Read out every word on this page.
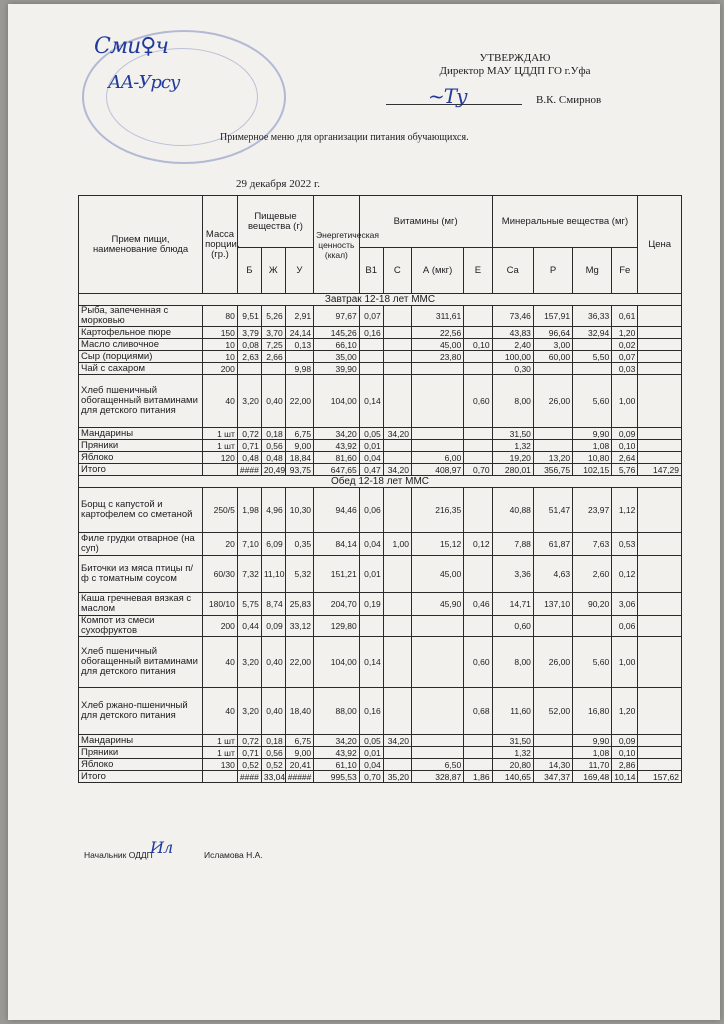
Сми♀ч
АА-Урсу
~Ту
УТВЕРЖДАЮ
Директор МАУ ЦДДП ГО г.Уфа
В.К. Смирнов
Примерное меню для организации питания обучающихся.
29 декабря 2022 г.
Прием пищи, наименование блюда	Масса порции, (гр.)	Пищевые вещества (г)			Энергетическая ценность (ккал)	Витамины (мг)				Минеральные вещества (мг)				Цена
		Б	Ж	У		В1	С	А (мкг)	Е	Са	Р	Mg	Fe	
Завтрак 12-18 лет ММС														
Рыба, запеченная с морковью	80	9,51	5,26	2,91	97,67	0,07		311,61		73,46	157,91	36,33	0,61	
Картофельное пюре	150	3,79	3,70	24,14	145,26	0,16		22,56		43,83	96,64	32,94	1,20	
Масло сливочное	10	0,08	7,25	0,13	66,10			45,00	0,10	2,40	3,00		0,02	
Сыр (порциями)	10	2,63	2,66		35,00			23,80		100,00	60,00	5,50	0,07	
Чай с сахаром	200			9,98	39,90					0,30			0,03	
Хлеб пшеничный обогащенный витаминами для детского питания	40	3,20	0,40	22,00	104,00	0,14			0,60	8,00	26,00	5,60	1,00	
Мандарины	1 шт	0,72	0,18	6,75	34,20	0,05	34,20			31,50		9,90	0,09	
Пряники	1 шт	0,71	0,56	9,00	43,92	0,01				1,32		1,08	0,10	
Яблоко	120	0,48	0,48	18,84	81,60	0,04		6,00		19,20	13,20	10,80	2,64	
Итого		####	20,49	93,75	647,65	0,47	34,20	408,97	0,70	280,01	356,75	102,15	5,76	147,29
Обед 12-18 лет ММС														
Борщ с капустой и картофелем со сметаной	250/5	1,98	4,96	10,30	94,46	0,06		216,35		40,88	51,47	23,97	1,12	
Филе грудки отварное (на суп)	20	7,10	6,09	0,35	84,14	0,04	1,00	15,12	0,12	7,88	61,87	7,63	0,53	
Биточки из мяса птицы п/ф с томатным соусом	60/30	7,32	11,10	5,32	151,21	0,01		45,00		3,36	4,63	2,60	0,12	
Каша гречневая вязкая с маслом	180/10	5,75	8,74	25,83	204,70	0,19		45,90	0,46	14,71	137,10	90,20	3,06	
Компот из смеси сухофруктов	200	0,44	0,09	33,12	129,80					0,60			0,06	
Хлеб пшеничный обогащенный витаминами для детского питания	40	3,20	0,40	22,00	104,00	0,14			0,60	8,00	26,00	5,60	1,00	
Хлеб ржано-пшеничный для детского питания	40	3,20	0,40	18,40	88,00	0,16			0,68	11,60	52,00	16,80	1,20	
Мандарины	1 шт	0,72	0,18	6,75	34,20	0,05	34,20			31,50		9,90	0,09	
Пряники	1 шт	0,71	0,56	9,00	43,92	0,01				1,32		1,08	0,10	
Яблоко	130	0,52	0,52	20,41	61,10	0,04		6,50		20,80	14,30	11,70	2,86	
Итого		####	33,04	#####	995,53	0,70	35,20	328,87	1,86	140,65	347,37	169,48	10,14	157,62
Начальник ОДДП
Ил	Исламова Н.А.
